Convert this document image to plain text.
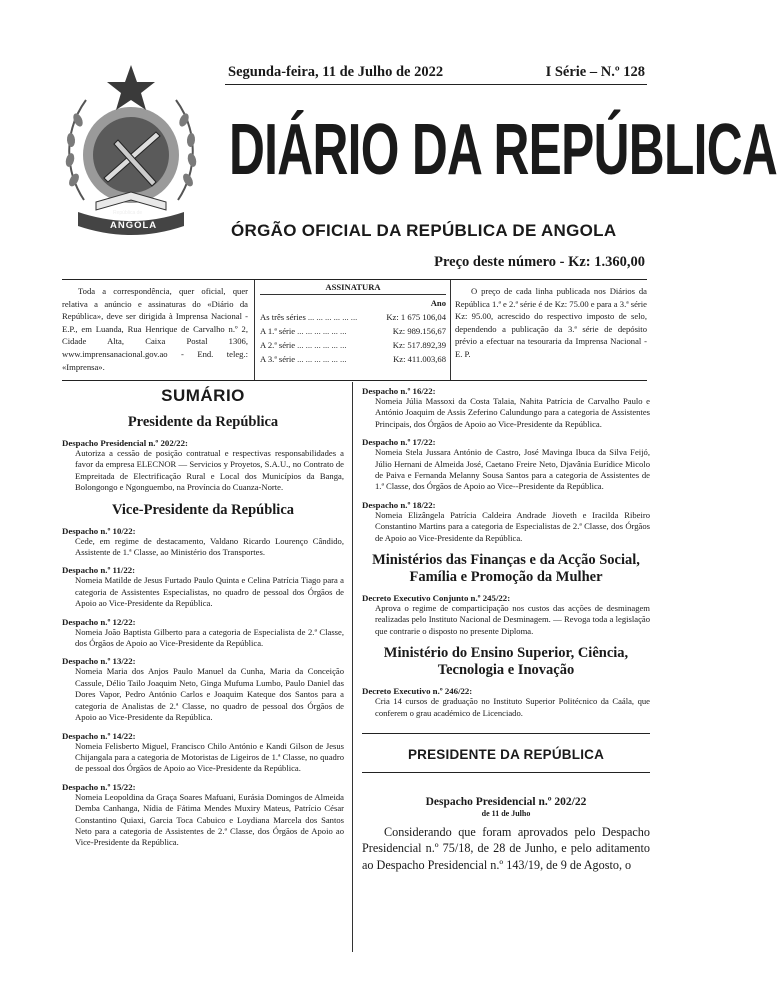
República de
ANGOLA
Segunda-feira, 11 de Julho de 2022	I Série – N.º 128
DIÁRIO DA REPÚBLICA
ÓRGÃO OFICIAL DA REPÚBLICA DE ANGOLA
Preço deste número - Kz: 1.360,00
Toda a correspondência, quer oficial, quer relativa a anúncio e assinaturas do «Diário da República», deve ser dirigida à Imprensa Nacional - E.P., em Luanda, Rua Henrique de Carvalho n.º 2, Cidade Alta, Caixa Postal 1306, www.imprensanacional.gov.ao - End. teleg.: «Imprensa».
ASSINATURA
Ano
As três séries ... ... ... ... ... ...	Kz: 1 675 106,04
A 1.ª série ... ... ... ... ... ...	Kz: 989.156,67
A 2.ª série ... ... ... ... ... ...	Kz: 517.892,39
A 3.ª série ... ... ... ... ... ...	Kz: 411.003,68
O preço de cada linha publicada nos Diários da República 1.ª e 2.ª série é de Kz: 75.00 e para a 3.ª série Kz: 95.00, acrescido do respectivo imposto de selo, dependendo a publicação da 3.ª série de depósito prévio a efectuar na tesouraria da Imprensa Nacional - E. P.
SUMÁRIO
Presidente da República
Despacho Presidencial n.º 202/22:
Autoriza a cessão de posição contratual e respectivas responsabilidades a favor da empresa ELECNOR — Servicios y Proyetos, S.A.U., no Contrato de Empreitada de Electrificação Rural e Local dos Municípios da Banga, Bolongongo e Ngonguembo, na Província do Cuanza-Norte.
Vice-Presidente da República
Despacho n.º 10/22:
Cede, em regime de destacamento, Valdano Ricardo Lourenço Cândido, Assistente de 1.ª Classe, ao Ministério dos Transportes.
Despacho n.º 11/22:
Nomeia Matilde de Jesus Furtado Paulo Quinta e Celina Patrícia Tiago para a categoria de Assistentes Especialistas, no quadro de pessoal dos Órgãos de Apoio ao Vice-Presidente da República.
Despacho n.º 12/22:
Nomeia João Baptista Gilberto para a categoria de Especialista de 2.ª Classe, dos Órgãos de Apoio ao Vice-Presidente da República.
Despacho n.º 13/22:
Nomeia Maria dos Anjos Paulo Manuel da Cunha, Maria da Conceição Cassule, Délio Tailo Joaquim Neto, Ginga Mufuma Lumbo, Paulo Daniel das Dores Vapor, Pedro António Carlos e Joaquim Kateque dos Santos para a categoria de Analistas de 2.ª Classe, no quadro de pessoal dos Órgãos de Apoio ao Vice-Presidente da República.
Despacho n.º 14/22:
Nomeia Felisberto Miguel, Francisco Chilo António e Kandi Gilson de Jesus Chijangala para a categoria de Motoristas de Ligeiros de 1.ª Classe, no quadro de pessoal dos Órgãos de Apoio ao Vice-Presidente da República.
Despacho n.º 15/22:
Nomeia Leopoldina da Graça Soares Mafuani, Eurásia Domingos de Almeida Demba Canhanga, Nídia de Fátima Mendes Muxiry Mateus, Patrício César Constantino Quiaxi, Garcia Toca Cabuico e Loydiana Marcela dos Santos Neto para a categoria de Assistentes de 2.ª Classe, dos Órgãos de Apoio ao Vice-Presidente da República.
Despacho n.º 16/22:
Nomeia Júlia Massoxi da Costa Talaia, Nahita Patrícia de Carvalho Paulo e António Joaquim de Assis Zeferino Calundungo para a categoria de Assistentes Principais, dos Órgãos de Apoio ao Vice-Presidente da República.
Despacho n.º 17/22:
Nomeia Stela Jussara António de Castro, José Mavinga Ibuca da Silva Feijó, Júlio Hernani de Almeida José, Caetano Freire Neto, Djavânia Eurídice Micolo de Paiva e Fernanda Melanny Sousa Santos para a categoria de Assistentes de 1.ª Classe, dos Órgãos de Apoio ao Vice--Presidente da República.
Despacho n.º 18/22:
Nomeia Elizângela Patrícia Caldeira Andrade Jioveth e Iracilda Ribeiro Constantino Martins para a categoria de Especialistas de 2.ª Classe, dos Órgãos de Apoio ao Vice-Presidente da República.
Ministérios das Finanças e da Acção Social, Família e Promoção da Mulher
Decreto Executivo Conjunto n.º 245/22:
Aprova o regime de comparticipação nos custos das acções de desminagem realizadas pelo Instituto Nacional de Desminagem. — Revoga toda a legislação que contrarie o disposto no presente Diploma.
Ministério do Ensino Superior, Ciência, Tecnologia e Inovação
Decreto Executivo n.º 246/22:
Cria 14 cursos de graduação no Instituto Superior Politécnico da Caála, que conferem o grau académico de Licenciado.
PRESIDENTE DA REPÚBLICA
Despacho Presidencial n.º 202/22
de 11 de Julho
Considerando que foram aprovados pelo Despacho Presidencial n.º 75/18, de 28 de Junho, e pelo aditamento ao Despacho Presidencial n.º 143/19, de 9 de Agosto, o
